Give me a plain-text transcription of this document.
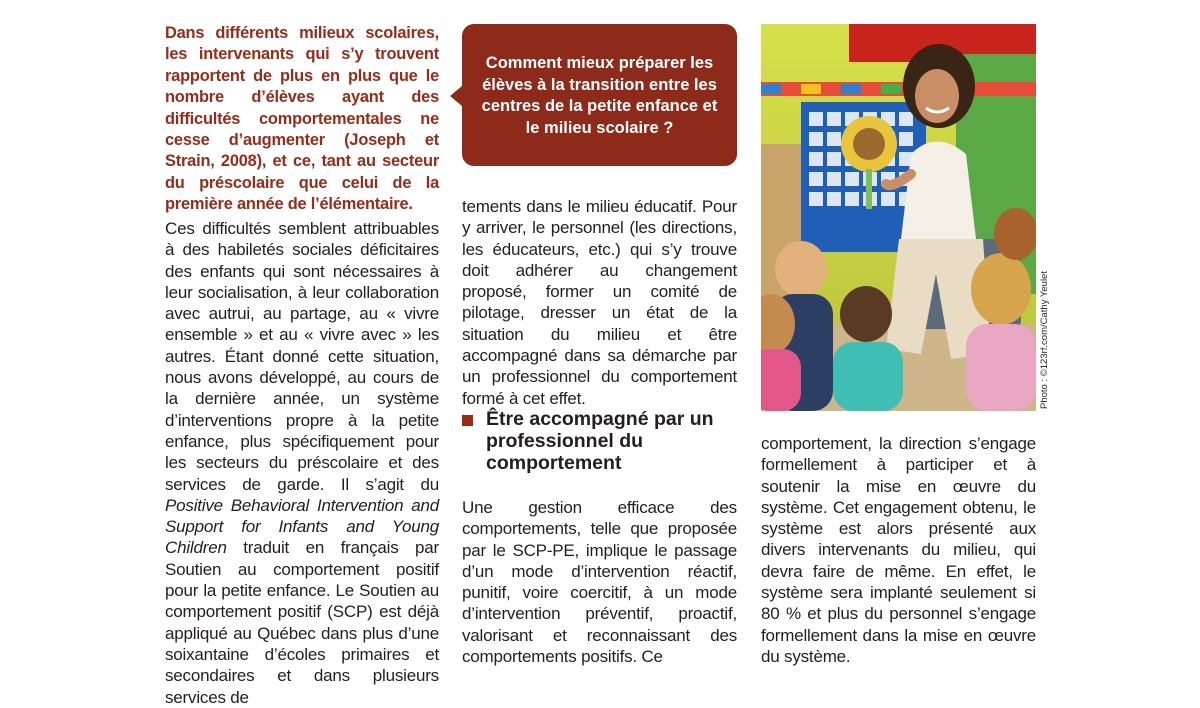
Dans différents milieux scolaires, les intervenants qui s’y trouvent rapportent de plus en plus que le nombre d’élèves ayant des difficultés comportementales ne cesse d’augmenter (Joseph et Strain, 2008), et ce, tant au secteur du préscolaire que celui de la première année de l’élémentaire.

Ces difficultés semblent attribuables à des habiletés sociales déficitaires des enfants qui sont nécessaires à leur socialisation, à leur collaboration avec autrui, au partage, au « vivre ensemble » et au « vivre avec » les autres. Étant donné cette situation, nous avons développé, au cours de la dernière année, un système d’interventions propre à la petite enfance, plus spécifiquement pour les secteurs du préscolaire et des services de garde. Il s’agit du Positive Behavioral Intervention and Support for Infants and Young Children traduit en français par Soutien au comportement positif pour la petite enfance. Le Soutien au comportement positif (SCP) est déjà appliqué au Québec dans plus d’une soixantaine d’écoles primaires et secondaires et dans plusieurs services de

Comment mieux préparer les élèves à la transition entre les centres de la petite enfance et le milieu scolaire ?

tements dans le milieu éducatif. Pour y arriver, le personnel (les directions, les éducateurs, etc.) qui s’y trouve doit adhérer au changement proposé, former un comité de pilotage, dresser un état de la situation du milieu et être accompagné dans sa démarche par un professionnel du comportement formé à cet effet.

Être accompagné par un professionnel du comportement

Une gestion efficace des comportements, telle que proposée par le SCP-PE, implique le passage d’un mode d’intervention réactif, punitif, voire coercitif, à un mode d’intervention préventif, proactif, valorisant et reconnaissant des comportements positifs. Ce

Photo : ©123rf.com/Cathy Yeulet

comportement, la direction s’engage formellement à participer et à soutenir la mise en œuvre du système. Cet engagement obtenu, le système est alors présenté aux divers intervenants du milieu, qui devra faire de même. En effet, le système sera implanté seulement si 80 % et plus du personnel s’engage formellement dans la mise en œuvre du système.
